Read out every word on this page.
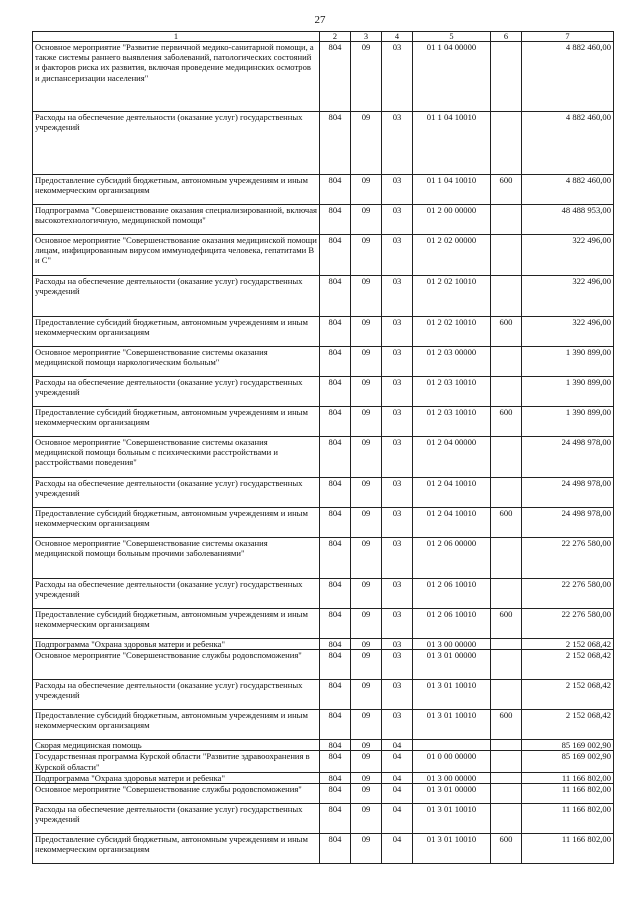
27
1	2	3	4	5	6	7
Основное мероприятие "Развитие первичной медико-санитарной помощи, а также системы раннего выявления заболеваний, патологических состояний и факторов риска их развития, включая проведение медицинских осмотров и диспансеризации населения"	804	09	03	01 1 04 00000		4 882 460,00
Расходы на обеспечение деятельности (оказание услуг) государственных учреждений	804	09	03	01 1 04 10010		4 882 460,00
Предоставление субсидий бюджетным, автономным учреждениям и иным некоммерческим организациям	804	09	03	01 1 04 10010	600	4 882 460,00
Подпрограмма "Совершенствование оказания специализированной, включая высокотехнологичную, медицинской помощи"	804	09	03	01 2 00 00000		48 488 953,00
Основное мероприятие "Совершенствование оказания медицинской помощи лицам, инфицированным вирусом иммунодефицита человека, гепатитами В и С"	804	09	03	01 2 02 00000		322 496,00
Расходы на обеспечение деятельности (оказание услуг) государственных учреждений	804	09	03	01 2 02 10010		322 496,00
Предоставление субсидий бюджетным, автономным учреждениям и иным некоммерческим организациям	804	09	03	01 2 02 10010	600	322 496,00
Основное мероприятие "Совершенствование системы оказания медицинской помощи наркологическим больным"	804	09	03	01 2 03 00000		1 390 899,00
Расходы на обеспечение деятельности (оказание услуг) государственных учреждений	804	09	03	01 2 03 10010		1 390 899,00
Предоставление субсидий бюджетным, автономным учреждениям и иным некоммерческим организациям	804	09	03	01 2 03 10010	600	1 390 899,00
Основное мероприятие "Совершенствование системы оказания медицинской помощи больным с психическими расстройствами и расстройствами поведения"	804	09	03	01 2 04 00000		24 498 978,00
Расходы на обеспечение деятельности (оказание услуг) государственных учреждений	804	09	03	01 2 04 10010		24 498 978,00
Предоставление субсидий бюджетным, автономным учреждениям и иным некоммерческим организациям	804	09	03	01 2 04 10010	600	24 498 978,00
Основное мероприятие "Совершенствование системы оказания медицинской помощи больным прочими заболеваниями"	804	09	03	01 2 06 00000		22 276 580,00
Расходы на обеспечение деятельности (оказание услуг) государственных учреждений	804	09	03	01 2 06 10010		22 276 580,00
Предоставление субсидий бюджетным, автономным учреждениям и иным некоммерческим организациям	804	09	03	01 2 06 10010	600	22 276 580,00
Подпрограмма "Охрана здоровья матери и ребенка"	804	09	03	01 3 00 00000		2 152 068,42
Основное мероприятие "Совершенствование службы родовспоможения"	804	09	03	01 3 01 00000		2 152 068,42
Расходы на обеспечение деятельности (оказание услуг) государственных учреждений	804	09	03	01 3 01 10010		2 152 068,42
Предоставление субсидий бюджетным, автономным учреждениям и иным некоммерческим организациям	804	09	03	01 3 01 10010	600	2 152 068,42
Скорая медицинская помощь	804	09	04			85 169 002,90
Государственная программа Курской области "Развитие здравоохранения в Курской области"	804	09	04	01 0 00 00000		85 169 002,90
Подпрограмма "Охрана здоровья матери и ребенка"	804	09	04	01 3 00 00000		11 166 802,00
Основное мероприятие "Совершенствование службы родовспоможения"	804	09	04	01 3 01 00000		11 166 802,00
Расходы на обеспечение деятельности (оказание услуг) государственных учреждений	804	09	04	01 3 01 10010		11 166 802,00
Предоставление субсидий бюджетным, автономным учреждениям и иным некоммерческим организациям	804	09	04	01 3 01 10010	600	11 166 802,00
